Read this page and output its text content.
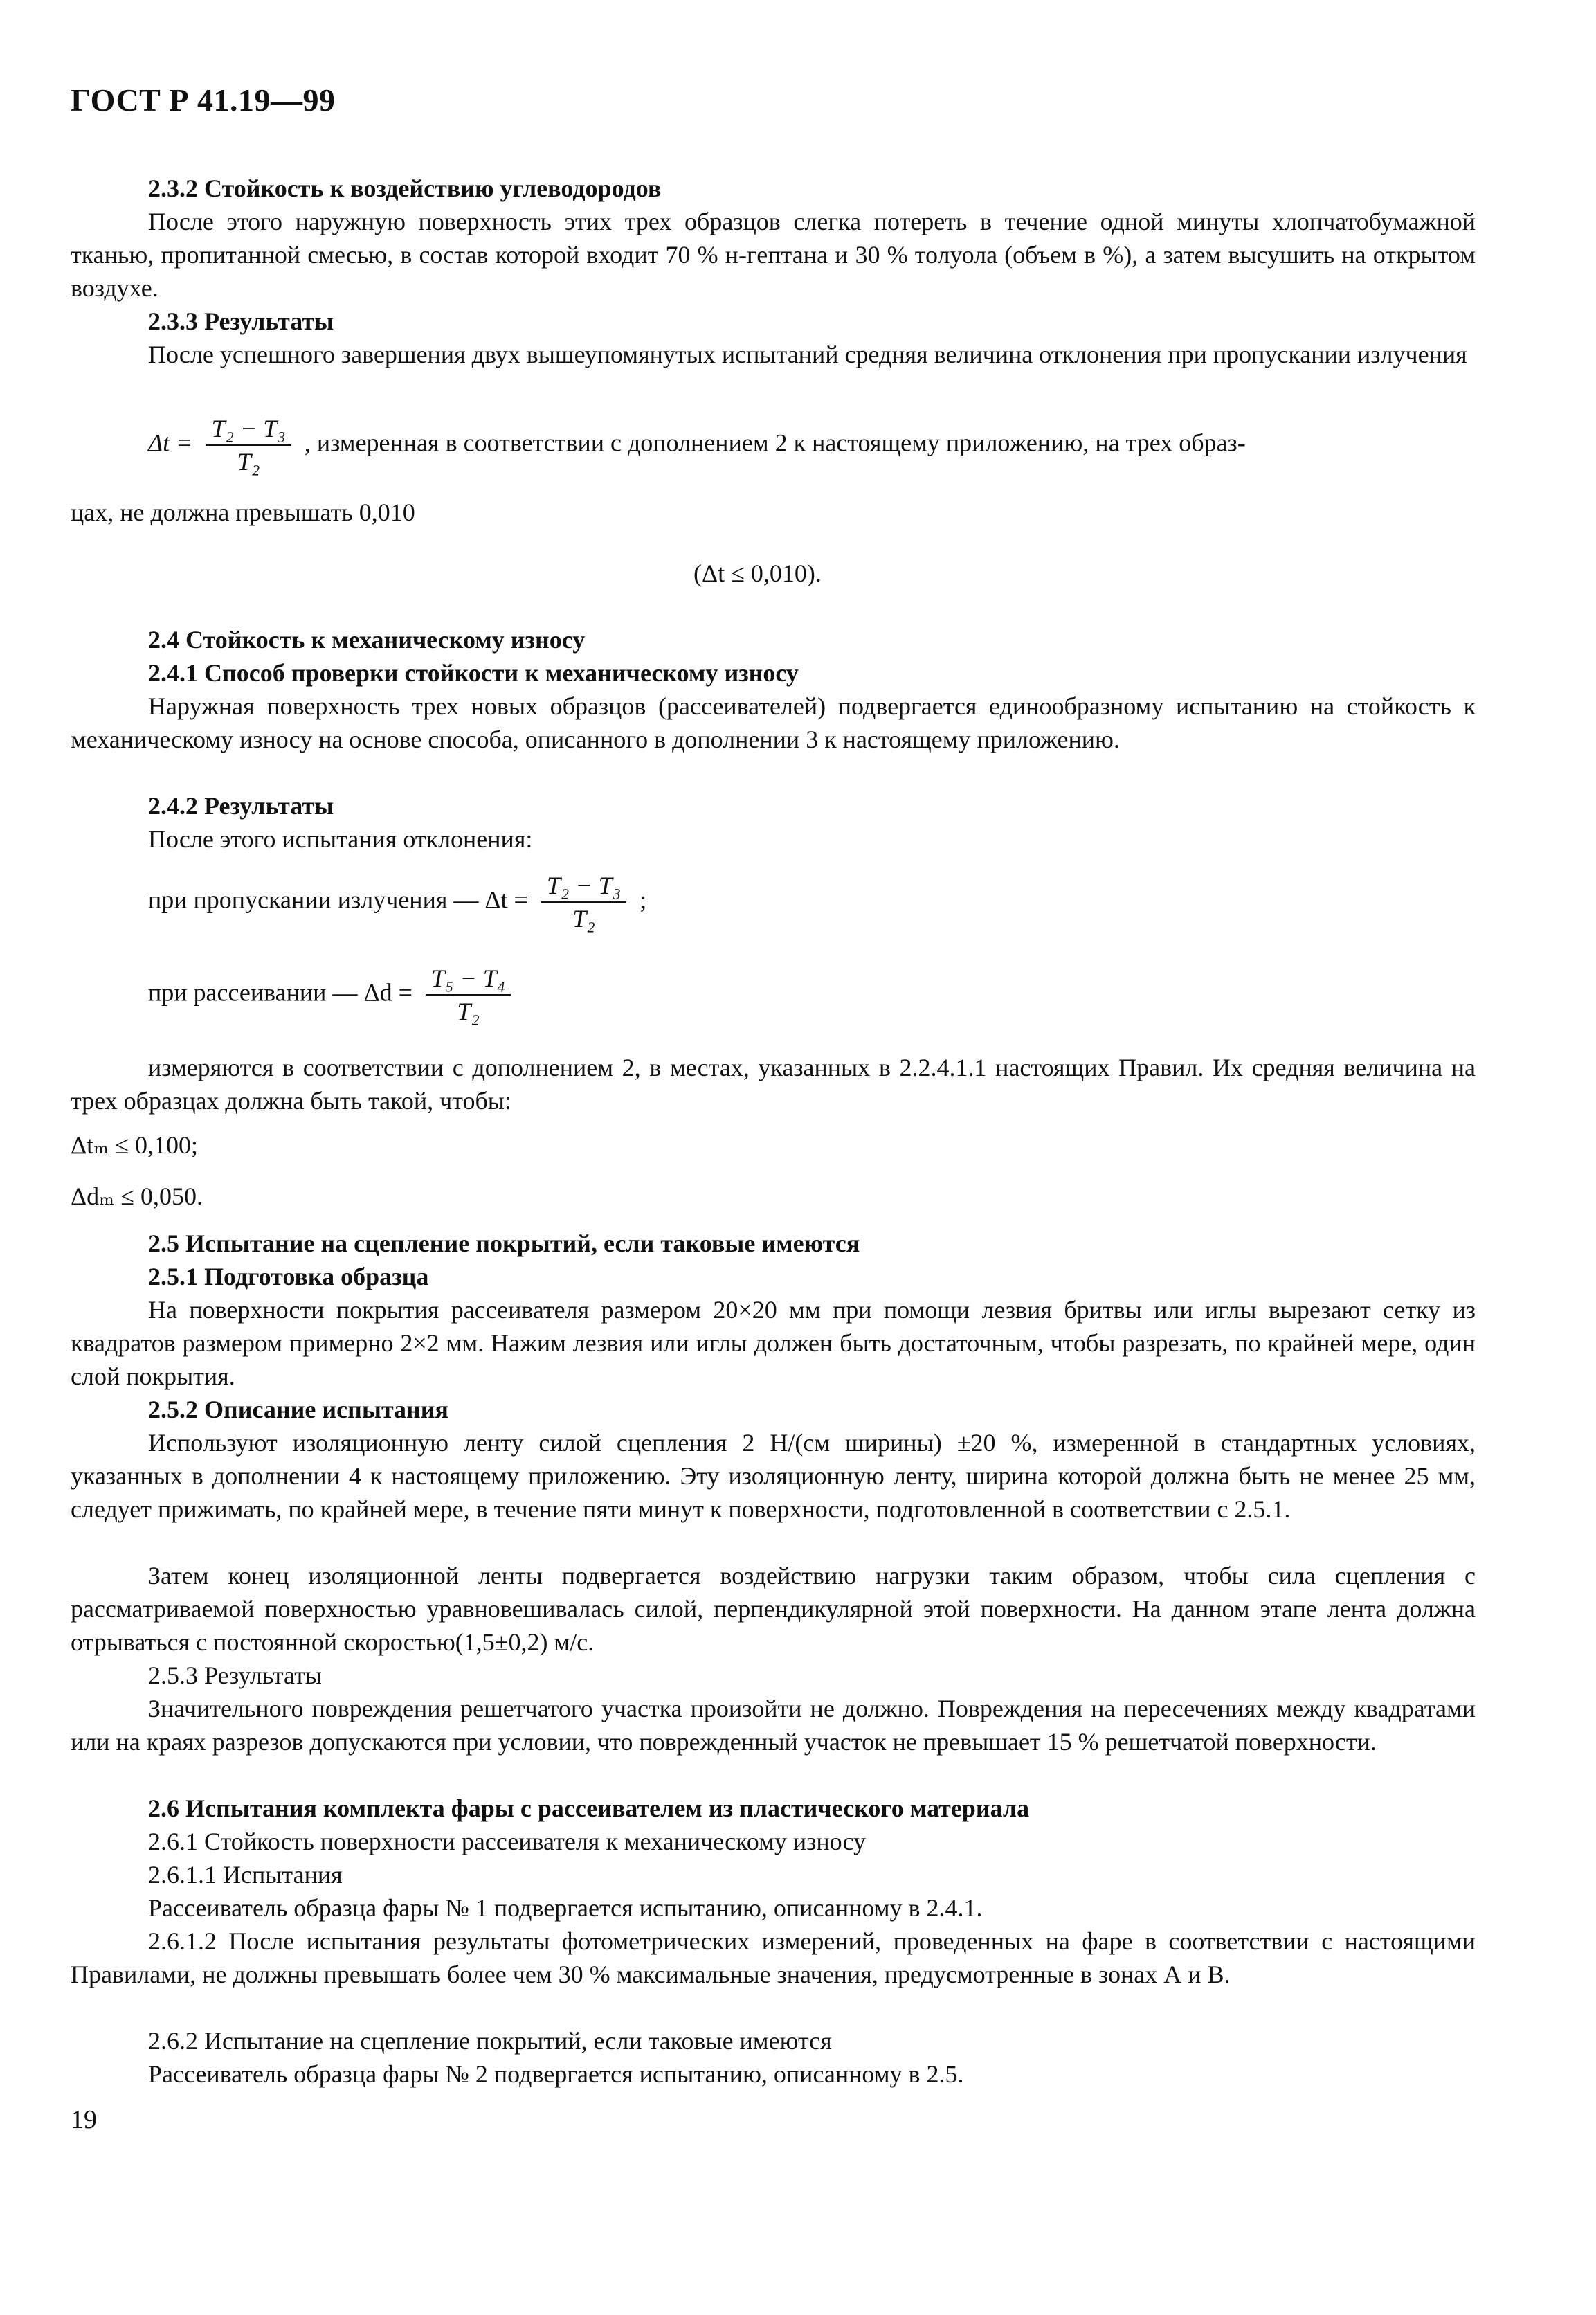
ГОСТ Р 41.19—99
2.3.2 Стойкость к воздействию углеводородов
После этого наружную поверхность этих трех образцов слегка потереть в течение одной минуты хлопчатобумажной тканью, пропитанной смесью, в состав которой входит 70 % н-гептана и 30 % толуола (объем в %), а затем высушить на открытом воздухе.
2.3.3 Результаты
После успешного завершения двух вышеупомянутых испытаний средняя величина отклонения при пропускании излучения
$\Delta t = \frac{\text{T₂ − T₃}}{\text{T₂}}$ , измеренная в соответствии с дополнением 2 к настоящему приложению, на трех образ-
цах, не должна превышать 0,010
(Δt ≤ 0,010).
2.4 Стойкость к механическому износу
2.4.1 Способ проверки стойкости к механическому износу
Наружная поверхность трех новых образцов (рассеивателей) подвергается единообразному испытанию на стойкость к механическому износу на основе способа, описанного в дополнении 3 к настоящему приложению.
2.4.2 Результаты
После этого испытания отклонения:
при пропускании излучения — $\Delta t = \frac{\text{T₂ − T₃}}{\text{T₂}}$ ;
при рассеивании — $\Delta d = \frac{\text{T₅ − T₄}}{\text{T₂}}$
измеряются в соответствии с дополнением 2, в местах, указанных в 2.2.4.1.1 настоящих Правил. Их средняя величина на трех образцах должна быть такой, чтобы:
Δtₘ ≤ 0,100;
Δdₘ ≤ 0,050.
2.5 Испытание на сцепление покрытий, если таковые имеются
2.5.1 Подготовка образца
На поверхности покрытия рассеивателя размером 20×20 мм при помощи лезвия бритвы или иглы вырезают сетку из квадратов размером примерно 2×2 мм. Нажим лезвия или иглы должен быть достаточным, чтобы разрезать, по крайней мере, один слой покрытия.
2.5.2 Описание испытания
Используют изоляционную ленту силой сцепления 2 Н/(см ширины) ±20 %, измеренной в стандартных условиях, указанных в дополнении 4 к настоящему приложению. Эту изоляционную ленту, ширина которой должна быть не менее 25 мм, следует прижимать, по крайней мере, в течение пяти минут к поверхности, подготовленной в соответствии с 2.5.1.
Затем конец изоляционной ленты подвергается воздействию нагрузки таким образом, чтобы сила сцепления с рассматриваемой поверхностью уравновешивалась силой, перпендикулярной этой поверхности. На данном этапе лента должна отрываться с постоянной скоростью(1,5±0,2) м/с.
2.5.3 Результаты
Значительного повреждения решетчатого участка произойти не должно. Повреждения на пересечениях между квадратами или на краях разрезов допускаются при условии, что поврежденный участок не превышает 15 % решетчатой поверхности.
2.6 Испытания комплекта фары с рассеивателем из пластического материала
2.6.1 Стойкость поверхности рассеивателя к механическому износу
2.6.1.1 Испытания
Рассеиватель образца фары № 1 подвергается испытанию, описанному в 2.4.1.
2.6.1.2 После испытания результаты фотометрических измерений, проведенных на фаре в соответствии с настоящими Правилами, не должны превышать более чем 30 % максимальные значения, предусмотренные в зонах А и В.
2.6.2 Испытание на сцепление покрытий, если таковые имеются
Рассеиватель образца фары № 2 подвергается испытанию, описанному в 2.5.
19
